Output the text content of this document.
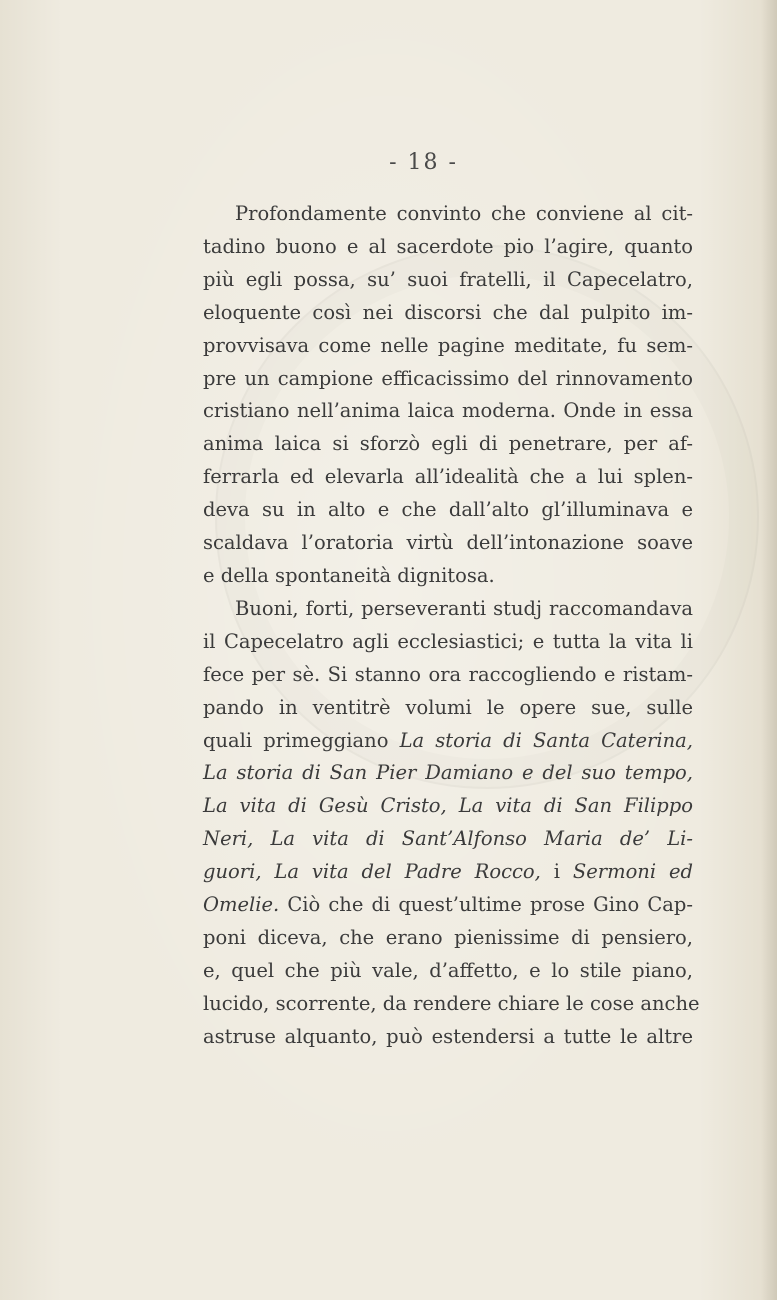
- 18 -
Profondamente convinto che conviene al cit-
tadino buono e al sacerdote pio l’agire, quanto
più egli possa, su’ suoi fratelli, il Capecelatro,
eloquente così nei discorsi che dal pulpito im-
provvisava come nelle pagine meditate, fu sem-
pre un campione efficacissimo del rinnovamento
cristiano nell’anima laica moderna. Onde in essa
anima laica si sforzò egli di penetrare, per af-
ferrarla ed elevarla all’idealità che a lui splen-
deva su in alto e che dall’alto gl’illuminava e
scaldava l’oratoria virtù dell’intonazione soave
e della spontaneità dignitosa.
Buoni, forti, perseveranti studj raccomandava
il Capecelatro agli ecclesiastici; e tutta la vita li
fece per sè. Si stanno ora raccogliendo e ristam-
pando in ventitrè volumi le opere sue, sulle
quali primeggiano La storia di Santa Caterina,
La storia di San Pier Damiano e del suo tempo,
La vita di Gesù Cristo, La vita di San Filippo
Neri, La vita di Sant’Alfonso Maria de’ Li-
guori, La vita del Padre Rocco, i Sermoni ed
Omelie. Ciò che di quest’ultime prose Gino Cap-
poni diceva, che erano pienissime di pensiero,
e, quel che più vale, d’affetto, e lo stile piano,
lucido, scorrente, da rendere chiare le cose anche
astruse alquanto, può estendersi a tutte le altre
